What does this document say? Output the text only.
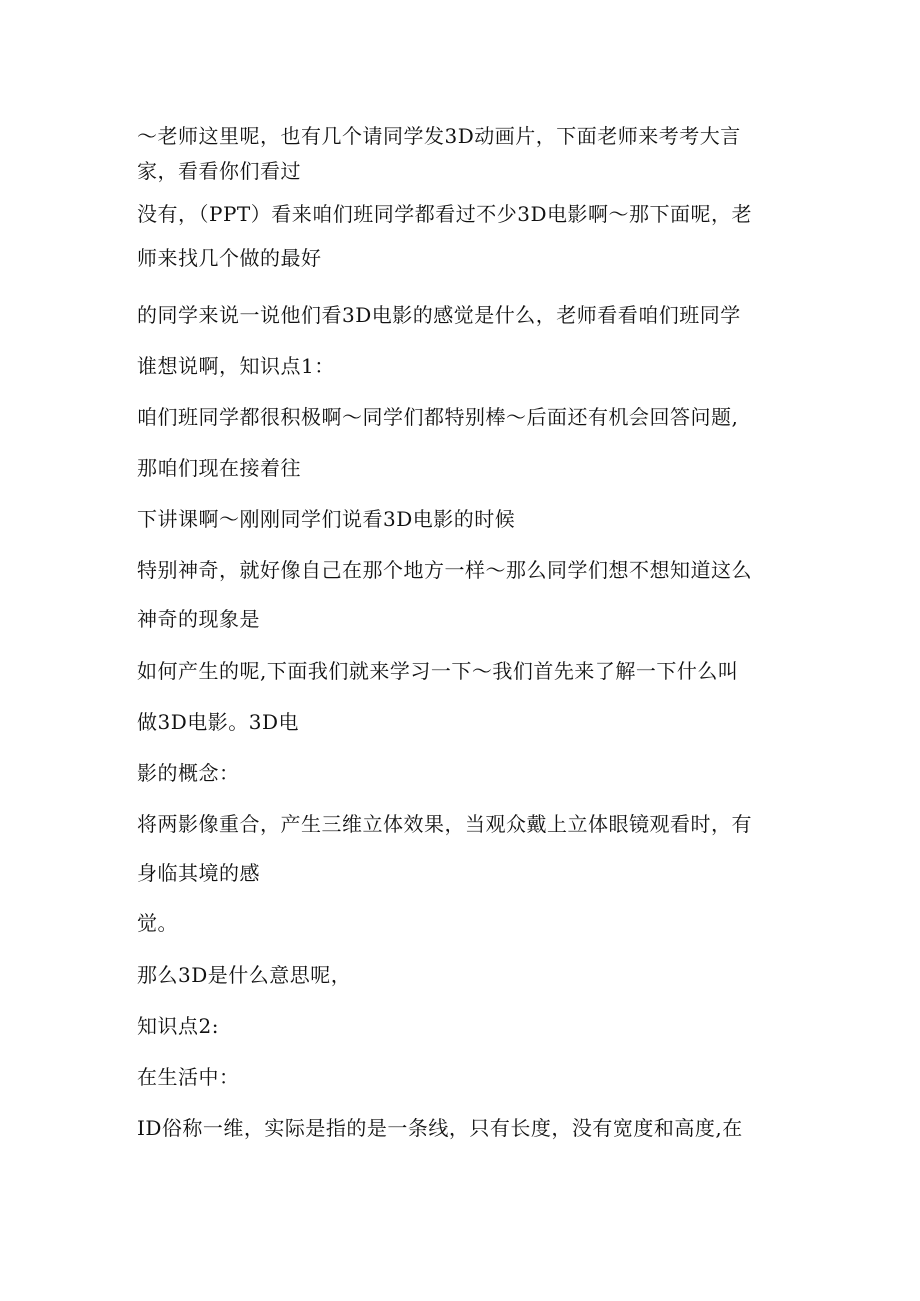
～老师这里呢，也有几个请同学发3D动画片，下面老师来考考大言

家，看看你们看过

没有，（PPT）看来咱们班同学都看过不少3D电影啊～那下面呢，老

师来找几个做的最好

的同学来说一说他们看3D电影的感觉是什么，老师看看咱们班同学

谁想说啊，知识点1：

咱们班同学都很积极啊～同学们都特别棒～后面还有机会回答问题,

那咱们现在接着往

下讲课啊～刚刚同学们说看3D电影的时候

特别神奇，就好像自己在那个地方一样～那么同学们想不想知道这么

神奇的现象是

如何产生的呢,下面我们就来学习一下～我们首先来了解一下什么叫

做3D电影。3D电

影的概念：

将两影像重合，产生三维立体效果，当观众戴上立体眼镜观看时，有

身临其境的感

觉。

那么3D是什么意思呢，

知识点2:

在生活中：

ID俗称一维，实际是指的是一条线，只有长度，没有宽度和高度,在
